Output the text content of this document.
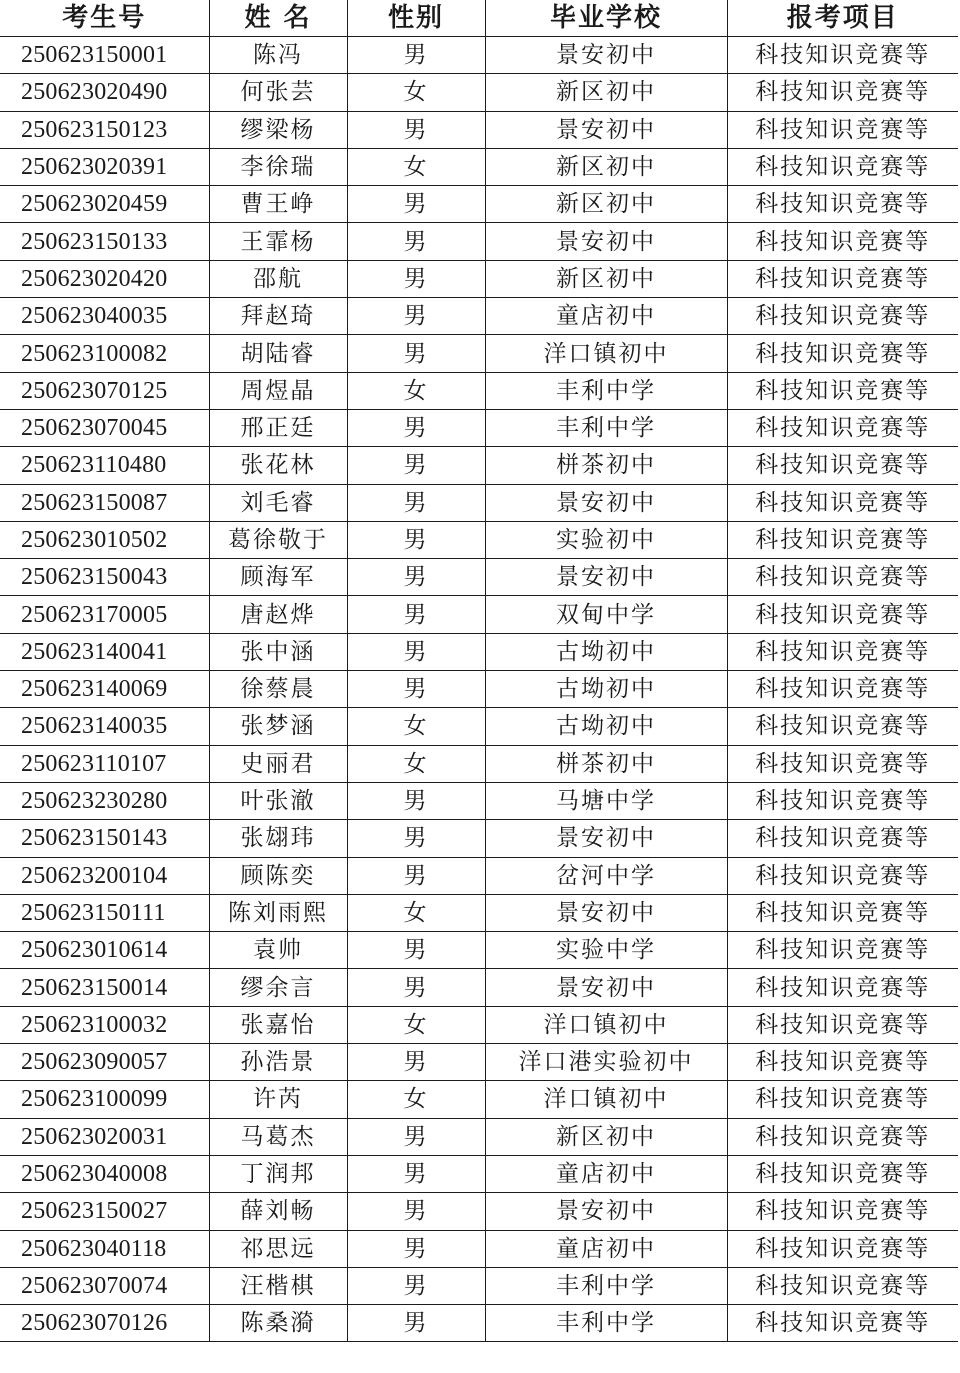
考生号	姓 名	性别	毕业学校	报考项目
250623150001	陈冯	男	景安初中	科技知识竞赛等
250623020490	何张芸	女	新区初中	科技知识竞赛等
250623150123	缪梁杨	男	景安初中	科技知识竞赛等
250623020391	李徐瑞	女	新区初中	科技知识竞赛等
250623020459	曹王峥	男	新区初中	科技知识竞赛等
250623150133	王霏杨	男	景安初中	科技知识竞赛等
250623020420	邵航	男	新区初中	科技知识竞赛等
250623040035	拜赵琦	男	童店初中	科技知识竞赛等
250623100082	胡陆睿	男	洋口镇初中	科技知识竞赛等
250623070125	周煜晶	女	丰利中学	科技知识竞赛等
250623070045	邢正廷	男	丰利中学	科技知识竞赛等
250623110480	张花林	男	栟茶初中	科技知识竞赛等
250623150087	刘毛睿	男	景安初中	科技知识竞赛等
250623010502	葛徐敬于	男	实验初中	科技知识竞赛等
250623150043	顾海军	男	景安初中	科技知识竞赛等
250623170005	唐赵烨	男	双甸中学	科技知识竞赛等
250623140041	张中涵	男	古坳初中	科技知识竞赛等
250623140069	徐蔡晨	男	古坳初中	科技知识竞赛等
250623140035	张梦涵	女	古坳初中	科技知识竞赛等
250623110107	史丽君	女	栟茶初中	科技知识竞赛等
250623230280	叶张澈	男	马塘中学	科技知识竞赛等
250623150143	张翃玮	男	景安初中	科技知识竞赛等
250623200104	顾陈奕	男	岔河中学	科技知识竞赛等
250623150111	陈刘雨熙	女	景安初中	科技知识竞赛等
250623010614	袁帅	男	实验中学	科技知识竞赛等
250623150014	缪余言	男	景安初中	科技知识竞赛等
250623100032	张嘉怡	女	洋口镇初中	科技知识竞赛等
250623090057	孙浩景	男	洋口港实验初中	科技知识竞赛等
250623100099	许芮	女	洋口镇初中	科技知识竞赛等
250623020031	马葛杰	男	新区初中	科技知识竞赛等
250623040008	丁润邦	男	童店初中	科技知识竞赛等
250623150027	薛刘畅	男	景安初中	科技知识竞赛等
250623040118	祁思远	男	童店初中	科技知识竞赛等
250623070074	汪楷棋	男	丰利中学	科技知识竞赛等
250623070126	陈桑漪	男	丰利中学	科技知识竞赛等
